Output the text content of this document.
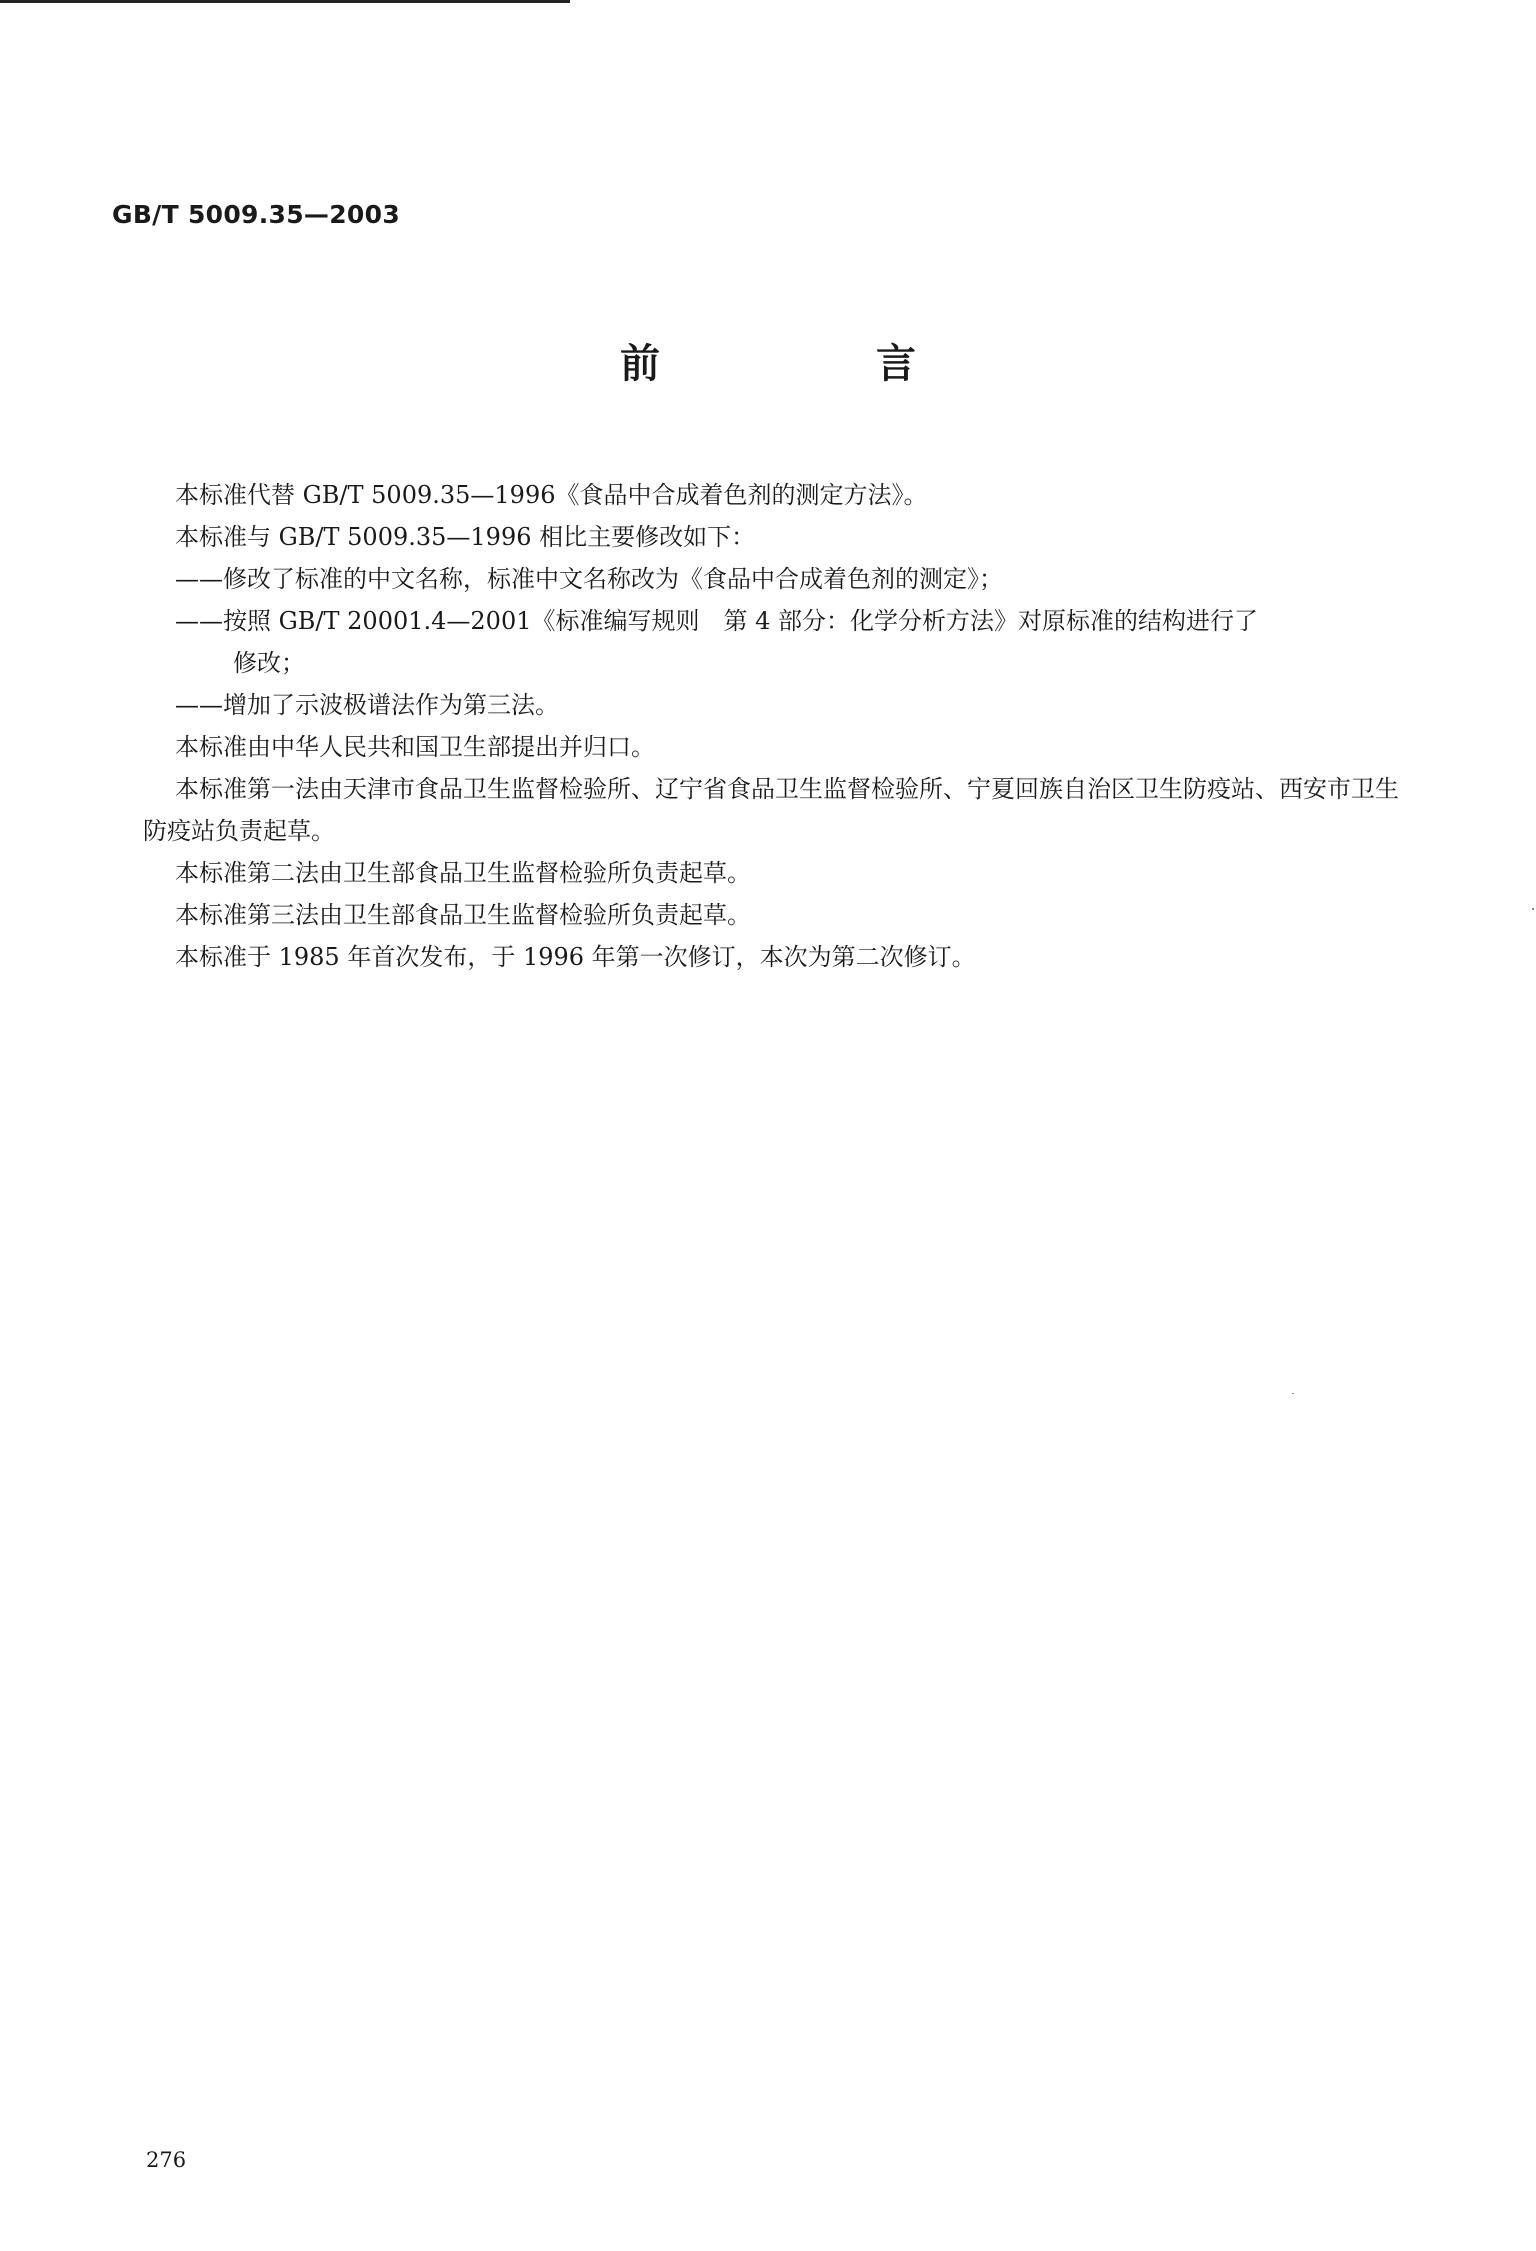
GB/T 5009.35—2003
前　言
本标准代替 GB/T 5009.35—1996《食品中合成着色剂的测定方法》。
本标准与 GB/T 5009.35—1996 相比主要修改如下：
——修改了标准的中文名称，标准中文名称改为《食品中合成着色剂的测定》；
——按照 GB/T 20001.4—2001《标准编写规则　第 4 部分：化学分析方法》对原标准的结构进行了
修改；
——增加了示波极谱法作为第三法。
本标准由中华人民共和国卫生部提出并归口。
本标准第一法由天津市食品卫生监督检验所、辽宁省食品卫生监督检验所、宁夏回族自治区卫生防疫站、西安市卫生防疫站负责起草。
本标准第二法由卫生部食品卫生监督检验所负责起草。
本标准第三法由卫生部食品卫生监督检验所负责起草。
本标准于 1985 年首次发布，于 1996 年第一次修订，本次为第二次修订。
276
